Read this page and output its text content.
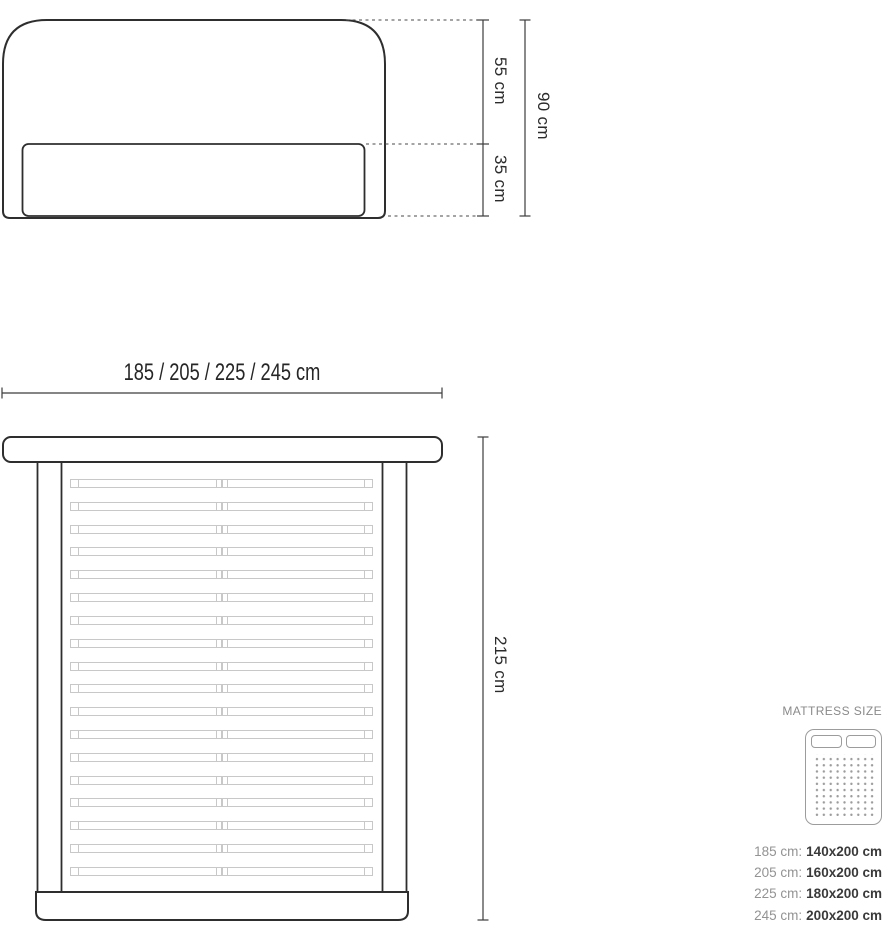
55 cm
35 cm
90 cm
185 / 205 / 225 / 245 cm
215 cm
MATTRESS SIZE
185 cm: 140x200 cm
205 cm: 160x200 cm
225 cm: 180x200 cm
245 cm: 200x200 cm
